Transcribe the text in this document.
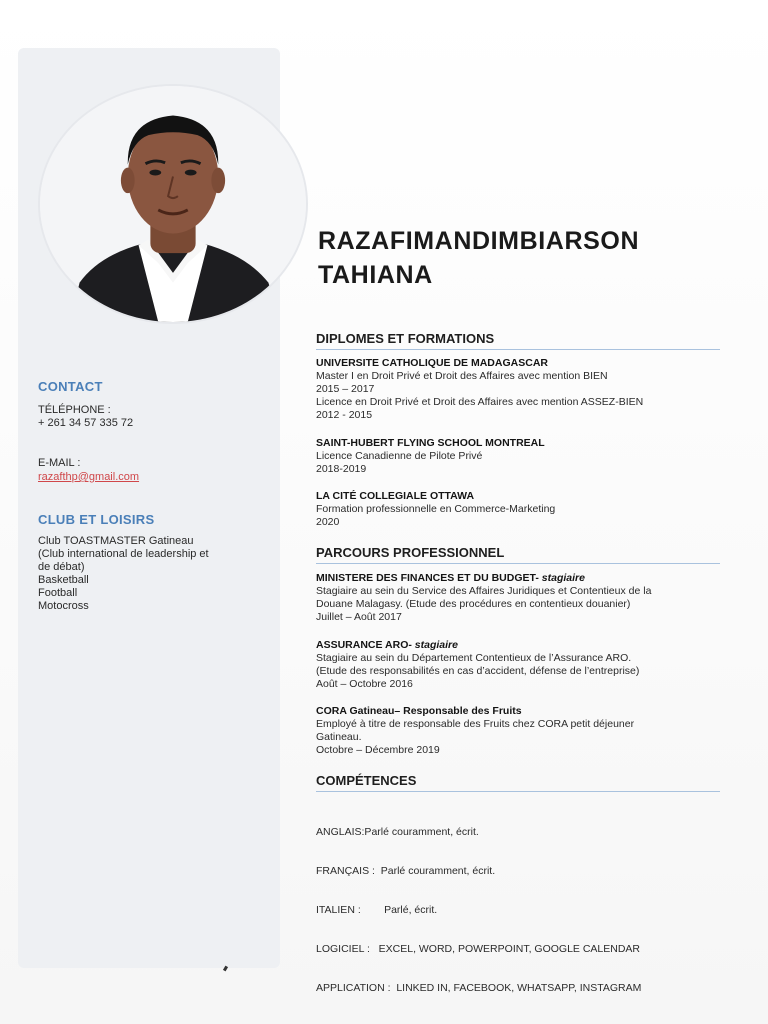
CONTACT
TÉLÉPHONE :
+ 261 34 57 335 72
E-MAIL :
razafthp@gmail.com
CLUB ET LOISIRS
Club TOASTMASTER Gatineau
(Club international de leadership et
de débat)
Basketball
Football
Motocross
RAZAFIMANDIMBIARSON
TAHIANA
DIPLOMES ET FORMATIONS
UNIVERSITE CATHOLIQUE DE MADAGASCAR

Master I en Droit Privé et Droit des Affaires avec mention BIEN

2015 – 2017

Licence en Droit Privé et Droit des Affaires avec mention ASSEZ-BIEN

2012 - 2015

SAINT-HUBERT FLYING SCHOOL MONTREAL

Licence Canadienne de Pilote Privé

2018-2019

LA CITÉ COLLEGIALE OTTAWA

Formation professionnelle en Commerce-Marketing

2020

PARCOURS PROFESSIONNEL
MINISTERE DES FINANCES ET DU BUDGET- stagiaire

Stagiaire au sein du Service des Affaires Juridiques et Contentieux de la

Douane Malagasy. (Etude des procédures en contentieux douanier)

Juillet – Août 2017

ASSURANCE ARO- stagiaire

Stagiaire au sein du Département Contentieux de l’Assurance ARO.

(Etude des responsabilités en cas d’accident, défense de l’entreprise)

Août – Octobre 2016

CORA Gatineau– Responsable des Fruits

Employé à titre de responsable des Fruits chez CORA petit déjeuner

Gatineau.

Octobre – Décembre 2019

COMPÉTENCES

ANGLAIS:Parlé couramment, écrit.

FRANÇAIS :  Parlé couramment, écrit.

ITALIEN :        Parlé, écrit.

LOGICIEL :   EXCEL, WORD, POWERPOINT, GOOGLE CALENDAR

APPLICATION :  LINKED IN, FACEBOOK, WHATSAPP, INSTAGRAM
